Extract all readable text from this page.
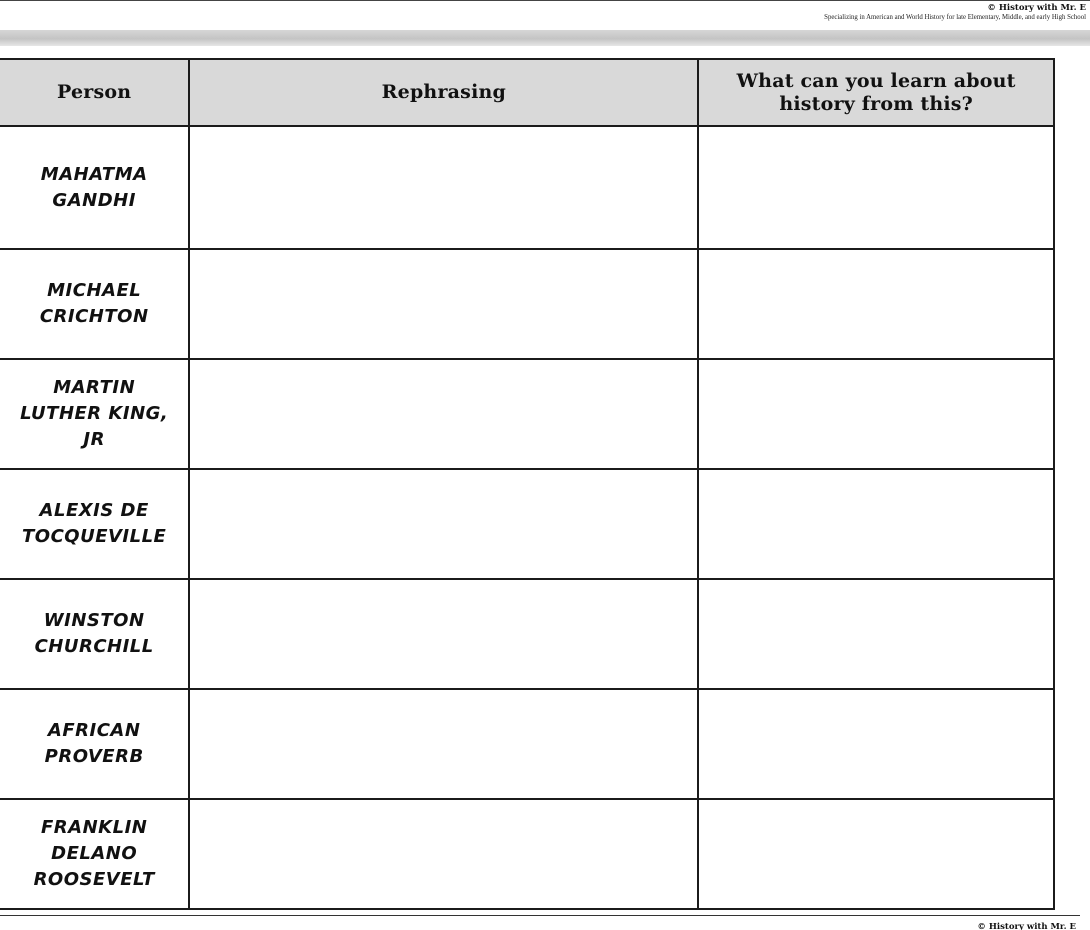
© History with Mr. E
Specializing in American and World History for late Elementary, Middle, and early High School
Person	Rephrasing	What can you learn about history from this?

MAHATMA GANDHI		
MICHAEL CRICHTON		
MARTIN LUTHER KING, JR		
ALEXIS DE TOCQUEVILLE		
WINSTON CHURCHILL		
AFRICAN PROVERB		
FRANKLIN DELANO ROOSEVELT		
© History with Mr. E
